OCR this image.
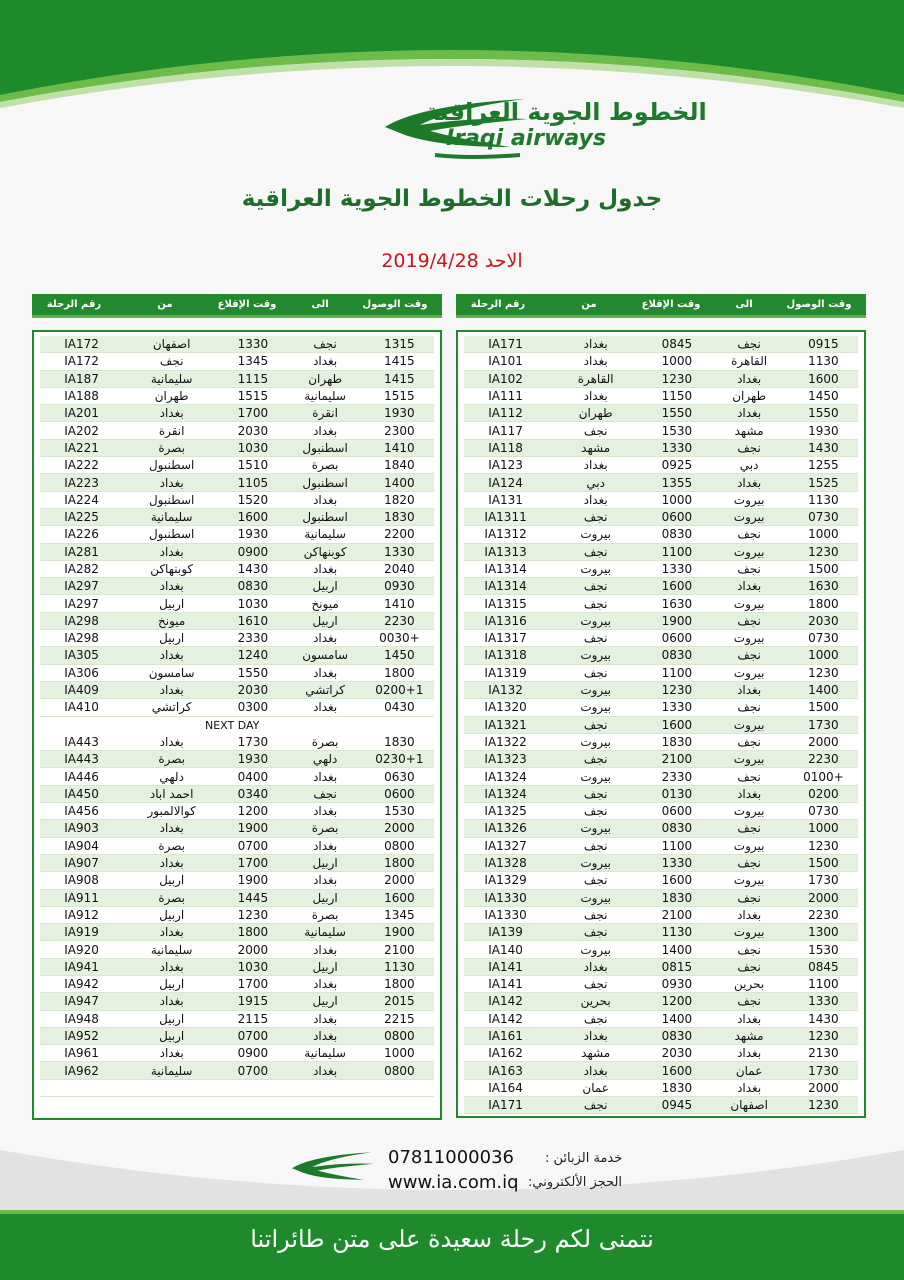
الخطوط الجوية العراقية
Iraqi airways
جدول رحلات الخطوط الجوية العراقية
الاحد 2019/4/28
رقم الرحلة	من	وقت الإقلاع	الى	وقت الوصول	رقم الرحلة	من	وقت الإقلاع	الى	وقت الوصول
IA172	اصفهان	1330	نجف	1315
IA172	نجف	1345	بغداد	1415
IA187	سليمانية	1115	طهران	1415
IA188	طهران	1515	سليمانية	1515
IA201	بغداد	1700	انقرة	1930
IA202	انقرة	2030	بغداد	2300
IA221	بصرة	1030	اسطنبول	1410
IA222	اسطنبول	1510	بصرة	1840
IA223	بغداد	1105	اسطنبول	1400
IA224	اسطنبول	1520	بغداد	1820
IA225	سليمانية	1600	اسطنبول	1830
IA226	اسطنبول	1930	سليمانية	2200
IA281	بغداد	0900	كوبنهاكن	1330
IA282	كوبنهاكن	1430	بغداد	2040
IA297	بغداد	0830	اربيل	0930
IA297	اربيل	1030	ميونخ	1410
IA298	ميونخ	1610	اربيل	2230
IA298	اربيل	2330	بغداد	0030+
IA305	بغداد	1240	سامسون	1450
IA306	سامسون	1550	بغداد	1800
IA409	بغداد	2030	كراتشي	0200+1
IA410	كراتشي	0300	بغداد	0430
NEXT DAY
IA443	بغداد	1730	بصرة	1830
IA443	بصرة	1930	دلهي	0230+1
IA446	دلهي	0400	بغداد	0630
IA450	احمد اباد	0340	نجف	0600
IA456	كوالالمبور	1200	بغداد	1530
IA903	بغداد	1900	بصرة	2000
IA904	بصرة	0700	بغداد	0800
IA907	بغداد	1700	اربيل	1800
IA908	اربيل	1900	بغداد	2000
IA911	بصرة	1445	اربيل	1600
IA912	اربيل	1230	بصرة	1345
IA919	بغداد	1800	سليمانية	1900
IA920	سليمانية	2000	بغداد	2100
IA941	بغداد	1030	اربيل	1130
IA942	اربيل	1700	بغداد	1800
IA947	بغداد	1915	اربيل	2015
IA948	اربيل	2115	بغداد	2215
IA952	اربيل	0700	بغداد	0800
IA961	بغداد	0900	سليمانية	1000
IA962	سليمانية	0700	بغداد	0800
IA171	بغداد	0845	نجف	0915
IA101	بغداد	1000	القاهرة	1130
IA102	القاهرة	1230	بغداد	1600
IA111	بغداد	1150	طهران	1450
IA112	طهران	1550	بغداد	1550
IA117	نجف	1530	مشهد	1930
IA118	مشهد	1330	نجف	1430
IA123	بغداد	0925	دبي	1255
IA124	دبي	1355	بغداد	1525
IA131	بغداد	1000	بيروت	1130
IA1311	نجف	0600	بيروت	0730
IA1312	بيروت	0830	نجف	1000
IA1313	نجف	1100	بيروت	1230
IA1314	بيروت	1330	نجف	1500
IA1314	نجف	1600	بغداد	1630
IA1315	نجف	1630	بيروت	1800
IA1316	بيروت	1900	نجف	2030
IA1317	نجف	0600	بيروت	0730
IA1318	بيروت	0830	نجف	1000
IA1319	نجف	1100	بيروت	1230
IA132	بيروت	1230	بغداد	1400
IA1320	بيروت	1330	نجف	1500
IA1321	نجف	1600	بيروت	1730
IA1322	بيروت	1830	نجف	2000
IA1323	نجف	2100	بيروت	2230
IA1324	بيروت	2330	نجف	0100+
IA1324	نجف	0130	بغداد	0200
IA1325	نجف	0600	بيروت	0730
IA1326	بيروت	0830	نجف	1000
IA1327	نجف	1100	بيروت	1230
IA1328	بيروت	1330	نجف	1500
IA1329	نجف	1600	بيروت	1730
IA1330	بيروت	1830	نجف	2000
IA1330	نجف	2100	بغداد	2230
IA139	نجف	1130	بيروت	1300
IA140	بيروت	1400	نجف	1530
IA141	بغداد	0815	نجف	0845
IA141	نجف	0930	بحرين	1100
IA142	بحرين	1200	نجف	1330
IA142	نجف	1400	بغداد	1430
IA161	بغداد	0830	مشهد	1230
IA162	مشهد	2030	بغداد	2130
IA163	بغداد	1600	عمان	1730
IA164	عمان	1830	بغداد	2000
IA171	نجف	0945	اصفهان	1230
07811000036 خدمة الزبائن :
www.ia.com.iq الحجز الألكتروني:
نتمنى لكم رحلة سعيدة على متن طائراتنا
